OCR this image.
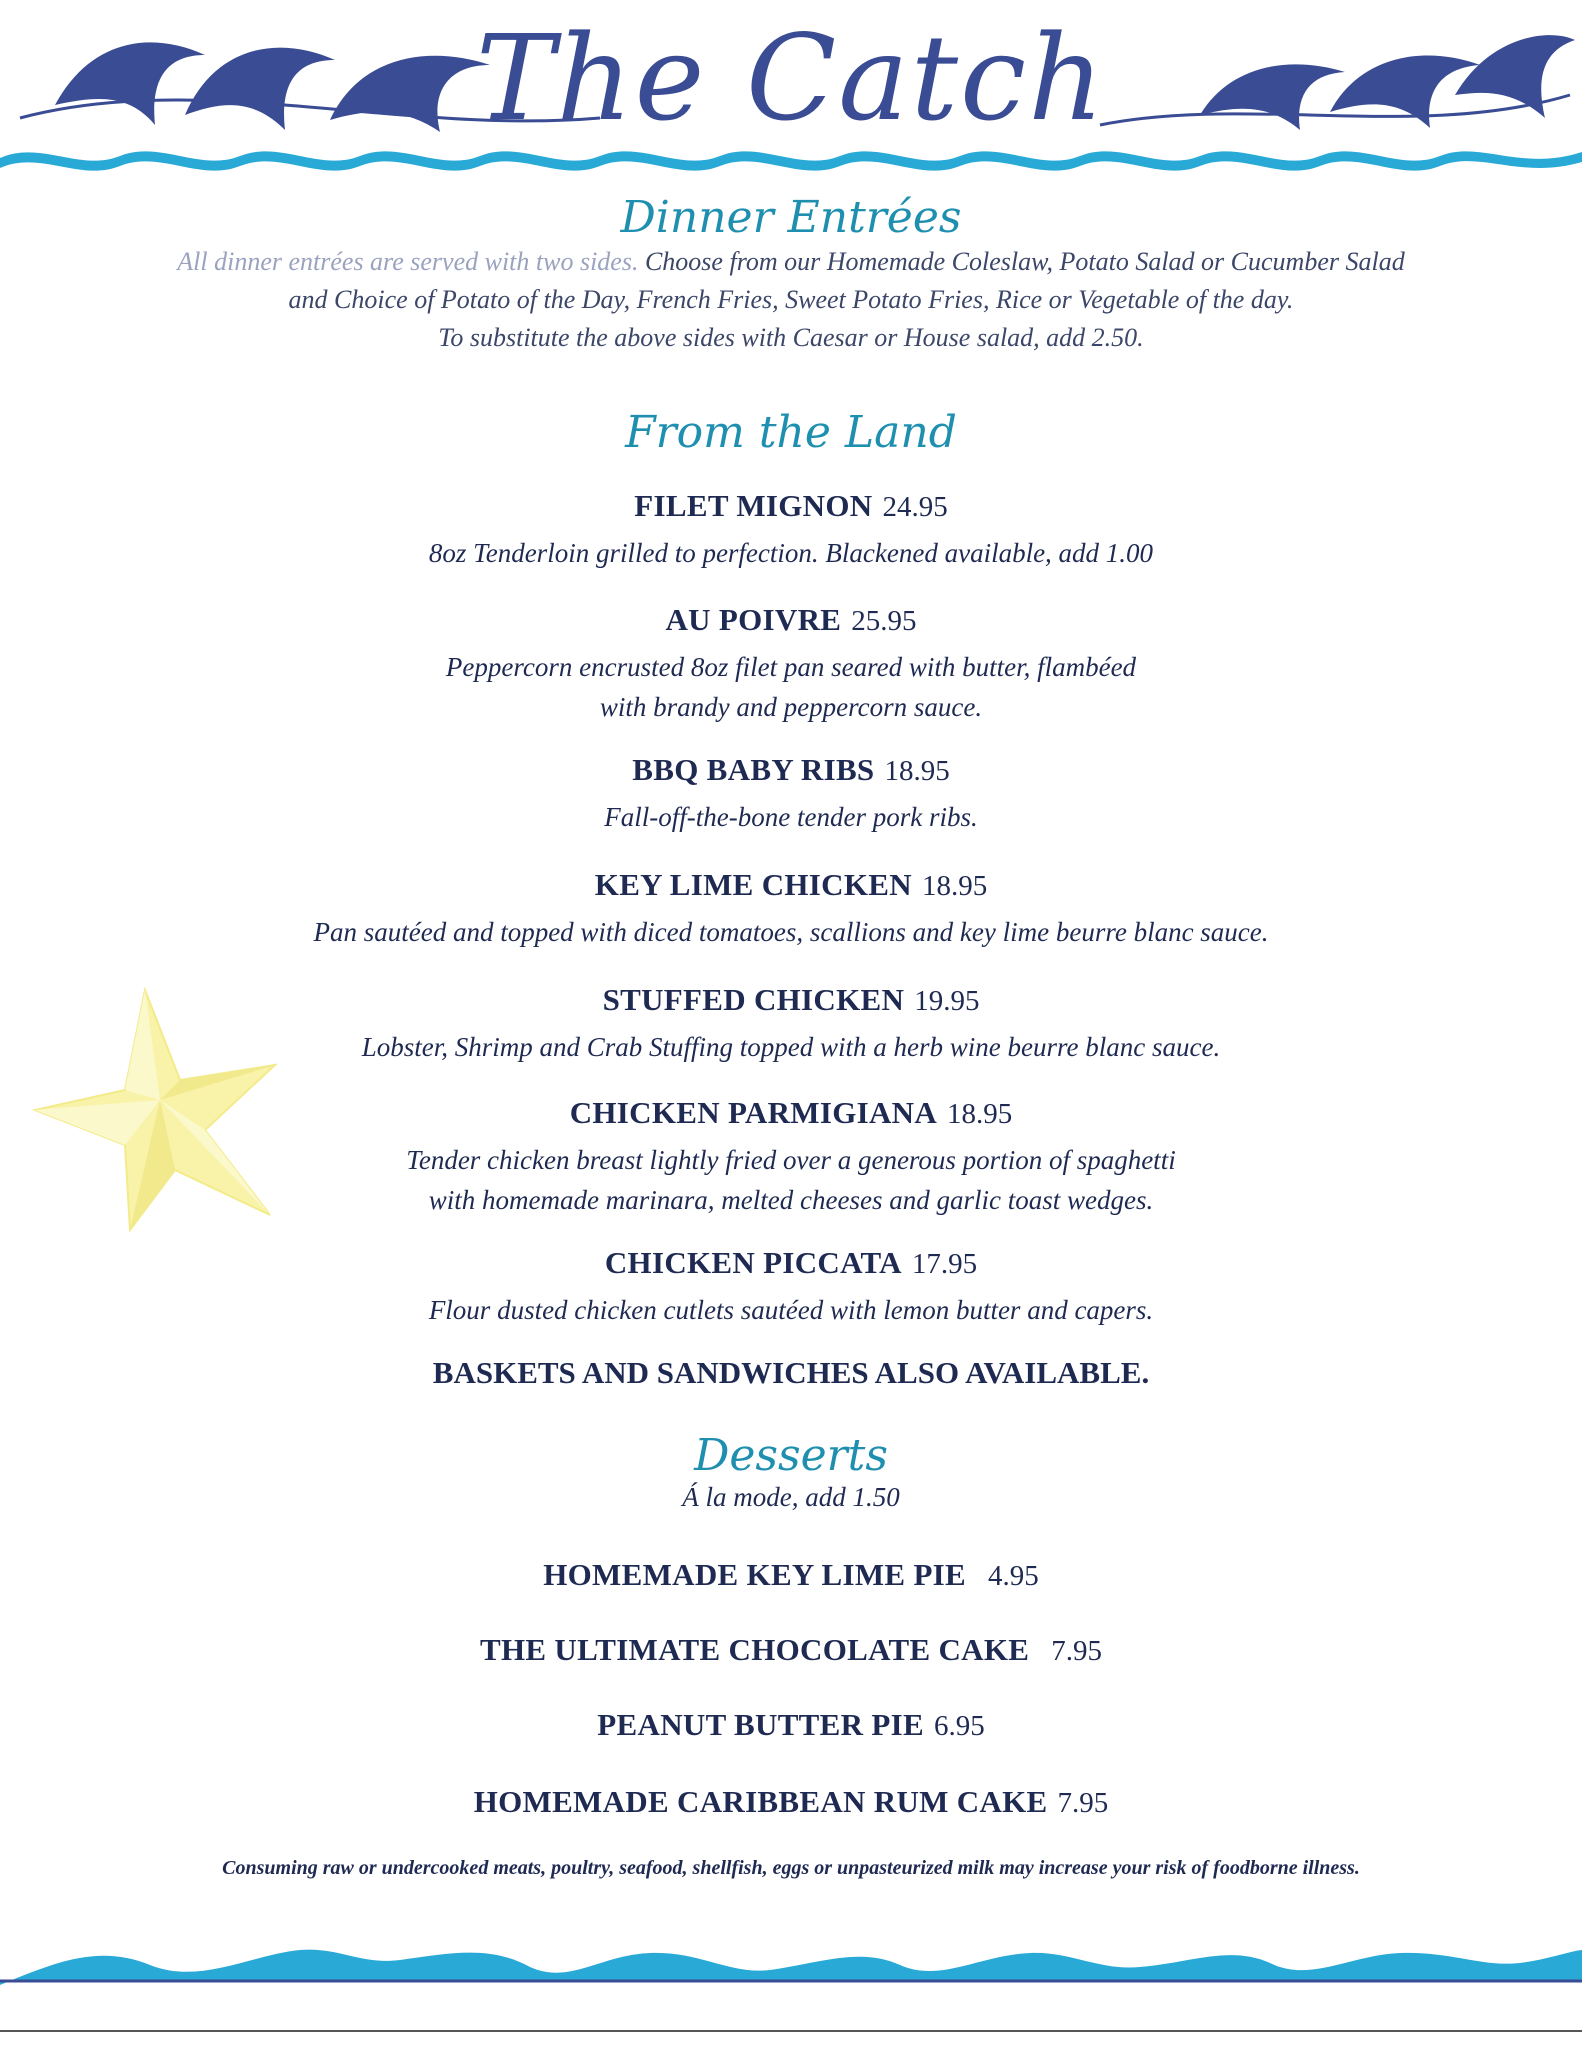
The Catch
Dinner Entrées
All dinner entrées are served with two sides. Choose from our Homemade Coleslaw, Potato Salad or Cucumber Salad
and Choice of Potato of the Day, French Fries, Sweet Potato Fries, Rice or Vegetable of the day.
To substitute the above sides with Caesar or House salad, add 2.50.
From the Land
FILET MIGNON 24.95
8oz Tenderloin grilled to perfection. Blackened available, add 1.00
AU POIVRE 25.95
Peppercorn encrusted 8oz filet pan seared with butter, flambéed
with brandy and peppercorn sauce.
BBQ BABY RIBS 18.95
Fall-off-the-bone tender pork ribs.
KEY LIME CHICKEN 18.95
Pan sautéed and topped with diced tomatoes, scallions and key lime beurre blanc sauce.
STUFFED CHICKEN 19.95
Lobster, Shrimp and Crab Stuffing topped with a herb wine beurre blanc sauce.
CHICKEN PARMIGIANA 18.95
Tender chicken breast lightly fried over a generous portion of spaghetti
with homemade marinara, melted cheeses and garlic toast wedges.
CHICKEN PICCATA 17.95
Flour dusted chicken cutlets sautéed with lemon butter and capers.
BASKETS AND SANDWICHES ALSO AVAILABLE.
Desserts
Á la mode, add 1.50
HOMEMADE KEY LIME PIE 4.95
THE ULTIMATE CHOCOLATE CAKE 7.95
PEANUT BUTTER PIE 6.95
HOMEMADE CARIBBEAN RUM CAKE 7.95
Consuming raw or undercooked meats, poultry, seafood, shellfish, eggs or unpasteurized milk may increase your risk of foodborne illness.
